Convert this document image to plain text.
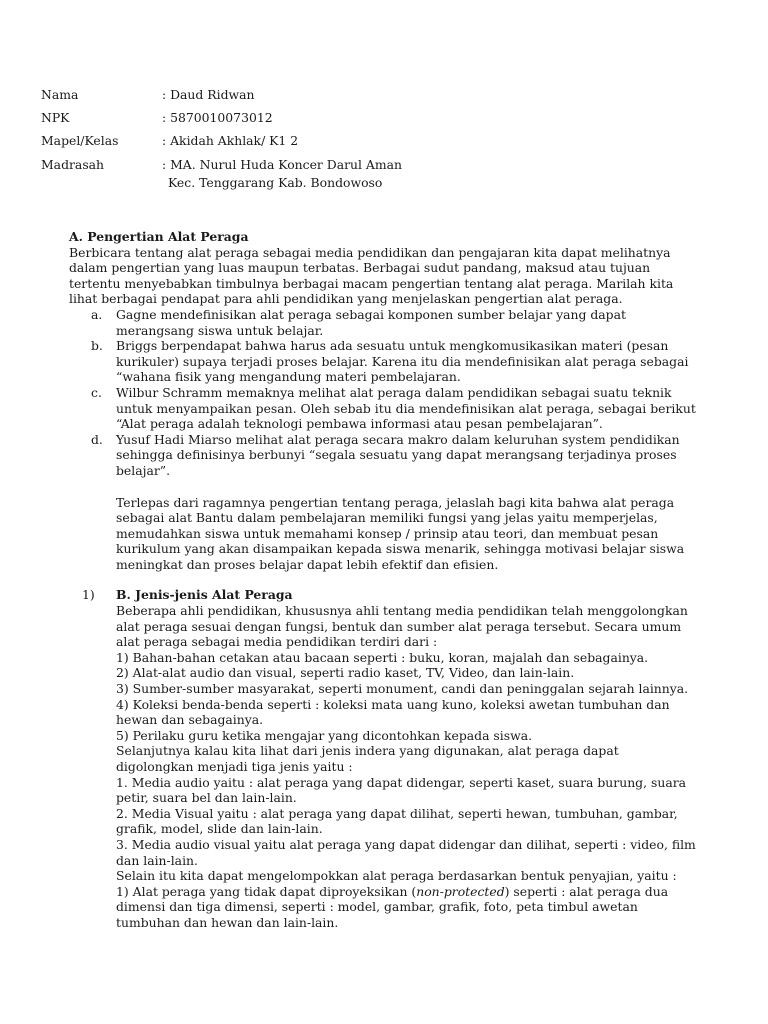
Nama	: Daud Ridwan
NPK	: 5870010073012
Mapel/Kelas	: Akidah Akhlak/ K1 2
Madrasah	: MA. Nurul Huda Koncer Darul Aman
Kec. Tenggarang Kab. Bondowoso
A. Pengertian Alat Peraga

Berbicara tentang alat peraga sebagai media pendidikan dan pengajaran kita dapat melihatnya dalam pengertian yang luas maupun terbatas. Berbagai sudut pandang, maksud atau tujuan tertentu menyebabkan timbulnya berbagai macam pengertian tentang alat peraga. Marilah kita lihat berbagai pendapat para ahli pendidikan yang menjelaskan pengertian alat peraga.

a.	Gagne mendefinisikan alat peraga sebagai komponen sumber belajar yang dapat merangsang siswa untuk belajar.
b.	Briggs berpendapat bahwa harus ada sesuatu untuk mengkomusikasikan materi (pesan kurikuler) supaya terjadi proses belajar. Karena itu dia mendefinisikan alat peraga sebagai “wahana fisik yang mengandung materi pembelajaran.
c.	Wilbur Schramm memaknya melihat alat peraga dalam pendidikan sebagai suatu teknik untuk menyampaikan pesan. Oleh sebab itu dia mendefinisikan alat peraga, sebagai berikut “Alat peraga adalah teknologi pembawa informasi atau pesan pembelajaran”.
d.	Yusuf Hadi Miarso melihat alat peraga secara makro dalam keluruhan system pendidikan sehingga definisinya berbunyi “segala sesuatu yang dapat merangsang terjadinya proses belajar”.

Terlepas dari ragamnya pengertian tentang peraga, jelaslah bagi kita bahwa alat peraga sebagai alat Bantu dalam pembelajaran memiliki fungsi yang jelas yaitu memperjelas, memudahkan siswa untuk memahami konsep / prinsip atau teori, dan membuat pesan kurikulum yang akan disampaikan kepada siswa menarik, sehingga motivasi belajar siswa meningkat dan proses belajar dapat lebih efektif dan efisien.

1)	B. Jenis-jenis Alat Peraga
Beberapa ahli pendidikan, khususnya ahli tentang media pendidikan telah menggolongkan alat peraga sesuai dengan fungsi, bentuk dan sumber alat peraga tersebut. Secara umum alat peraga sebagai media pendidikan terdiri dari :
1) Bahan-bahan cetakan atau bacaan seperti : buku, koran, majalah dan sebagainya.
2) Alat-alat audio dan visual, seperti radio kaset, TV, Video, dan lain-lain.
3) Sumber-sumber masyarakat, seperti monument, candi dan peninggalan sejarah lainnya.
4) Koleksi benda-benda seperti : koleksi mata uang kuno, koleksi awetan tumbuhan dan hewan dan sebagainya.
5) Perilaku guru ketika mengajar yang dicontohkan kepada siswa.
Selanjutnya kalau kita lihat dari jenis indera yang digunakan, alat peraga dapat digolongkan menjadi tiga jenis yaitu :
1. Media audio yaitu : alat peraga yang dapat didengar, seperti kaset, suara burung, suara petir, suara bel dan lain-lain.
2. Media Visual yaitu : alat peraga yang dapat dilihat, seperti hewan, tumbuhan, gambar, grafik, model, slide dan lain-lain.
3. Media audio visual yaitu alat peraga yang dapat didengar dan dilihat, seperti : video, film dan lain-lain.
Selain itu kita dapat mengelompokkan alat peraga berdasarkan bentuk penyajian, yaitu :
1) Alat peraga yang tidak dapat diproyeksikan (non-protected) seperti : alat peraga dua dimensi dan tiga dimensi, seperti : model, gambar, grafik, foto, peta timbul awetan tumbuhan dan hewan dan lain-lain.
